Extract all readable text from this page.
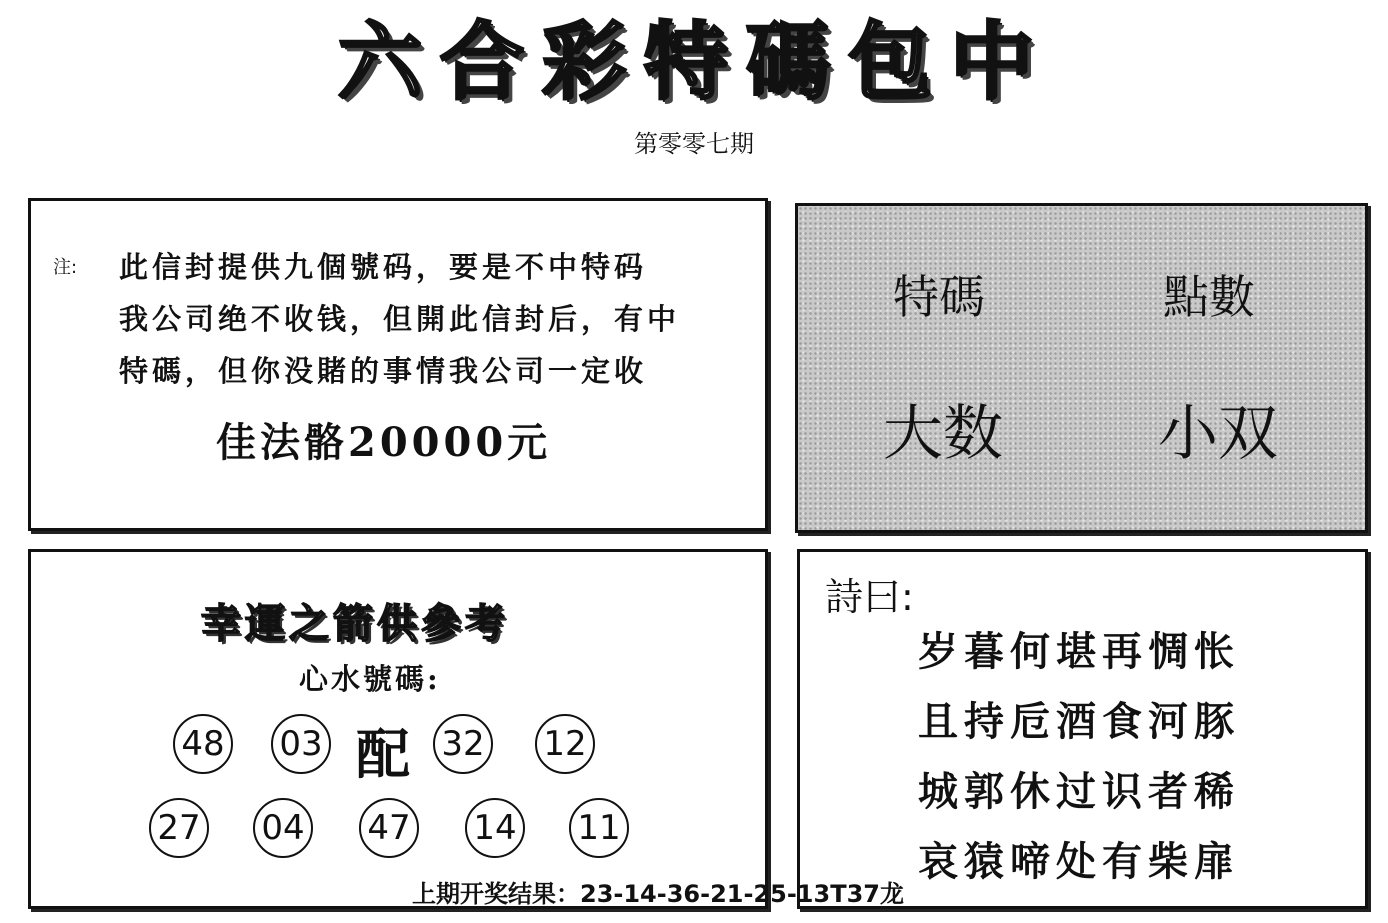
六合彩特碼包中
第零零七期
注: 此信封提供九個號码，要是不中特码
我公司绝不收钱，但開此信封后，有中
特碼，但你没賭的事情我公司一定收
佳法骼20000元
特碼	點數
大数	小双
幸運之箭供參考
心水號碼:
48 03 配 32 12
27 04 47 14 11
詩曰:
岁暮何堪再惆怅
且持卮酒食河豚
城郭休过识者稀
哀猿啼处有柴扉
上期开奖结果：23-14-36-21-25-13T37龙
